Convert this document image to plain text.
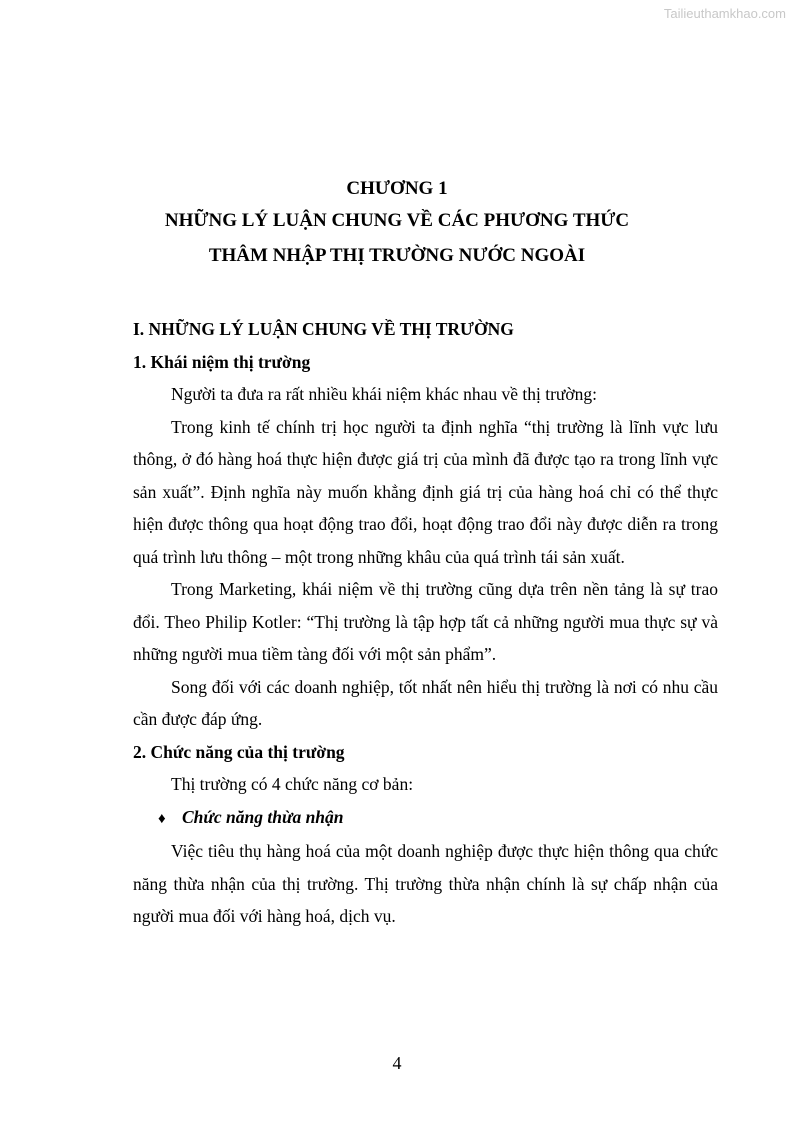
Tailieuthamkhao.com
CHƯƠNG 1
NHỮNG LÝ LUẬN CHUNG VỀ CÁC PHƯƠNG THỨC
THÂM NHẬP THỊ TRƯỜNG NƯỚC NGOÀI

I. NHỮNG LÝ LUẬN CHUNG VỀ THỊ TRƯỜNG

1. Khái niệm thị trường

Người ta đưa ra rất nhiều khái niệm khác nhau về thị trường:

Trong kinh tế chính trị học người ta định nghĩa “thị trường là lĩnh vực lưu thông, ở đó hàng hoá thực hiện được giá trị của mình đã được tạo ra trong lĩnh vực sản xuất”. Định nghĩa này muốn khẳng định giá trị của hàng hoá chỉ có thể thực hiện được thông qua hoạt động trao đổi, hoạt động trao đổi này được diễn ra trong quá trình lưu thông – một trong những khâu của quá trình tái sản xuất.

Trong Marketing, khái niệm về thị trường cũng dựa trên nền tảng là sự trao đổi. Theo Philip Kotler: “Thị trường là tập hợp tất cả những người mua thực sự và những người mua tiềm tàng đối với một sản phẩm”.

Song đối với các doanh nghiệp, tốt nhất nên hiểu thị trường là nơi có nhu cầu cần được đáp ứng.

2. Chức năng của thị trường

Thị trường có 4 chức năng cơ bản:

♦ Chức năng thừa nhận

Việc tiêu thụ hàng hoá của một doanh nghiệp được thực hiện thông qua chức năng thừa nhận của thị trường. Thị trường thừa nhận chính là sự chấp nhận của người mua đối với hàng hoá, dịch vụ.

4
